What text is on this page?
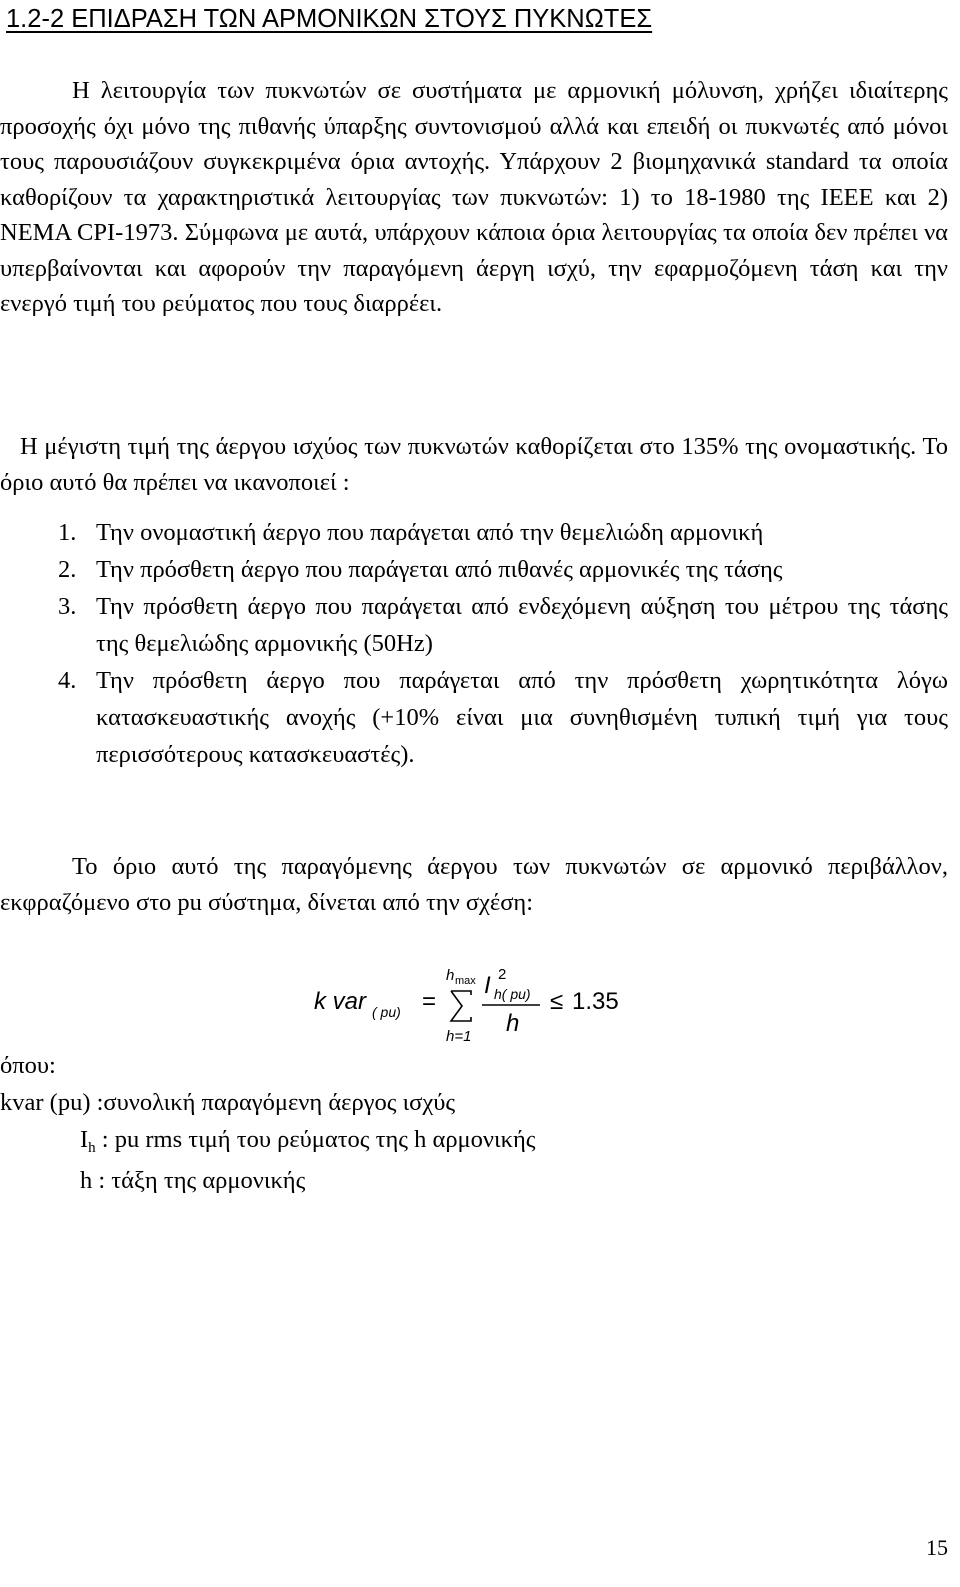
1.2-2 ΕΠΙΔΡΑΣΗ ΤΩΝ ΑΡΜΟΝΙΚΩΝ ΣΤΟΥΣ ΠΥΚΝΩΤΕΣ
Η λειτουργία των πυκνωτών σε συστήματα με αρμονική μόλυνση, χρήζει ιδιαίτερης προσοχής όχι μόνο της πιθανής ύπαρξης συντονισμού αλλά και επειδή οι πυκνωτές από μόνοι τους παρουσιάζουν συγκεκριμένα όρια αντοχής. Υπάρχουν 2 βιομηχανικά standard τα οποία καθορίζουν τα χαρακτηριστικά λειτουργίας των πυκνωτών: 1) το 18-1980 της IEEE και 2) NEMA CPI-1973. Σύμφωνα με αυτά, υπάρχουν κάποια όρια λειτουργίας τα οποία δεν πρέπει να υπερβαίνονται και αφορούν την παραγόμενη άεργη ισχύ, την εφαρμοζόμενη τάση και την ενεργό τιμή του ρεύματος που τους διαρρέει.
Η μέγιστη τιμή της άεργου ισχύος των πυκνωτών καθορίζεται στο 135% της ονομαστικής. Το όριο αυτό θα πρέπει να ικανοποιεί :
1. Την ονομαστική άεργο που παράγεται από την θεμελιώδη αρμονική
2. Την πρόσθετη άεργο που παράγεται από πιθανές αρμονικές της τάσης
3. Την πρόσθετη άεργο που παράγεται από ενδεχόμενη αύξηση του μέτρου της τάσης της θεμελιώδης αρμονικής (50Hz)
4. Την πρόσθετη άεργο που παράγεται από την πρόσθετη χωρητικότητα λόγω κατασκευαστικής ανοχής (+10% είναι μια συνηθισμένη τυπική τιμή για τους περισσότερους κατασκευαστές).
Το όριο αυτό της παραγόμενης άεργου των πυκνωτών σε αρμονικό περιβάλλον, εκφραζόμενο στο pu σύστημα, δίνεται από την σχέση:
k var ( pu) =
h max
h=1
I 2
h( pu)
h
≤ 1.35
όπου:
kvar (pu) :συνολική παραγόμενη άεργος ισχύς
$I_h$ : pu rms τιμή του ρεύματος της h αρμονικής
h : τάξη της αρμονικής
15
